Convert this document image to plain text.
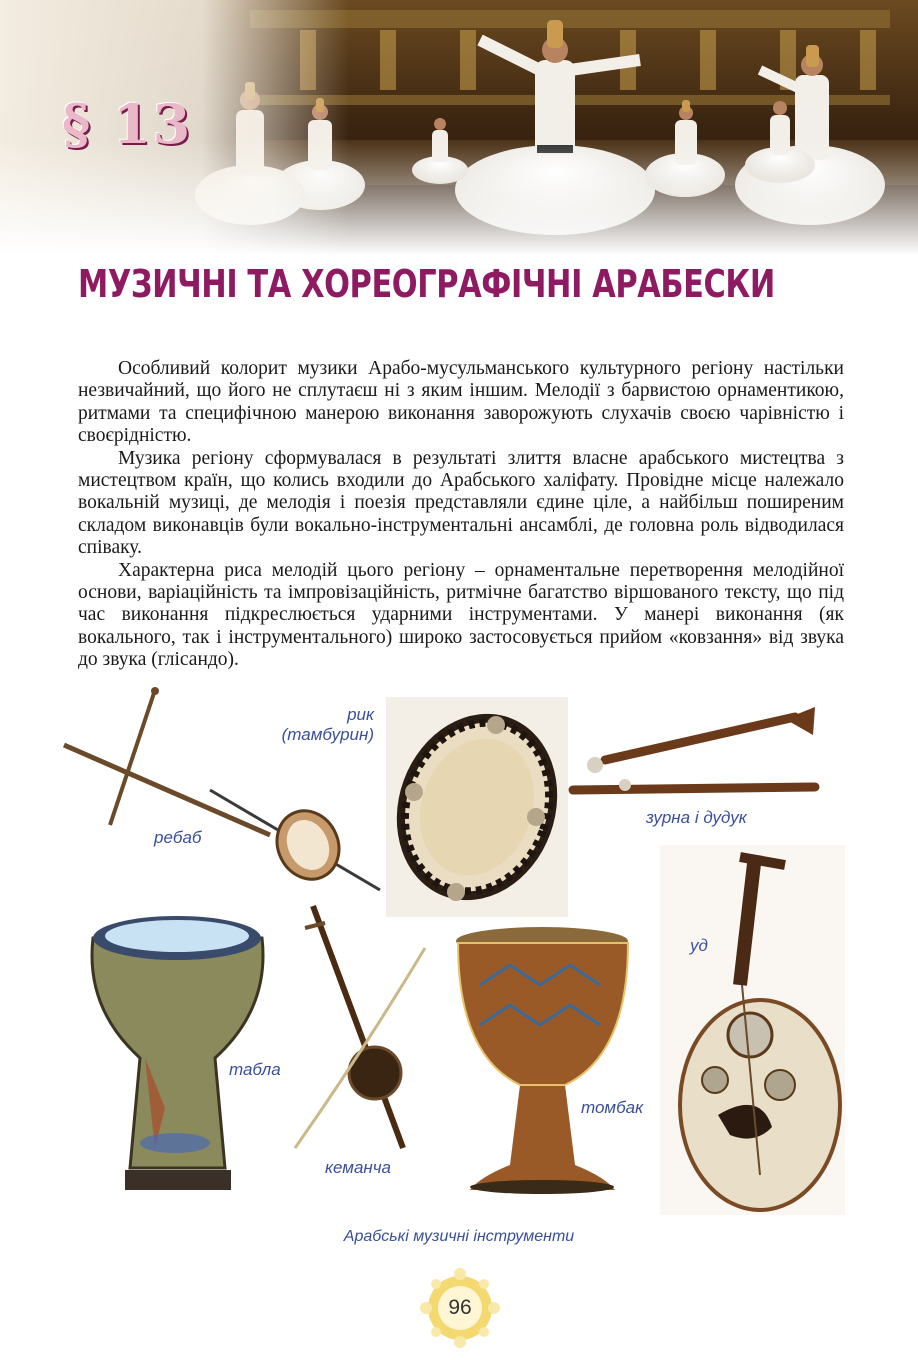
§ 13
МУЗИЧНІ ТА ХОРЕОГРАФІЧНІ АРАБЕСКИ

Особливий колорит музики Арабо-мусульманського культурного регіону настільки незвичайний, що його не сплутаєш ні з яким іншим. Мелодії з барвистою орнаментикою, ритмами та специфічною манерою виконання заворожують слухачів своєю чарівністю і своєрідністю.

Музика регіону сформувалася в результаті злиття власне арабського мистецтва з мистецтвом країн, що колись входили до Арабського халіфату. Провідне місце належало вокальній музиці, де мелодія і поезія представляли єдине ціле, а найбільш поширеним складом виконавців були вокально-інструментальні ансамблі, де головна роль відводилася співаку.

Характерна риса мелодій цього регіону – орнаментальне перетворення мелодійної основи, варіаційність та імпровізаційність, ритмічне багатство віршованого тексту, що під час виконання підкреслюється ударними інструментами. У манері виконання (як вокального, так і інструментального) широко застосовується прийом «ковзання» від звука до звука (глісандо).

ребаб
рик
(тамбурин)
зурна і дудук
уд
табла
кеманча
томбак
Арабські музичні інструменти
96
